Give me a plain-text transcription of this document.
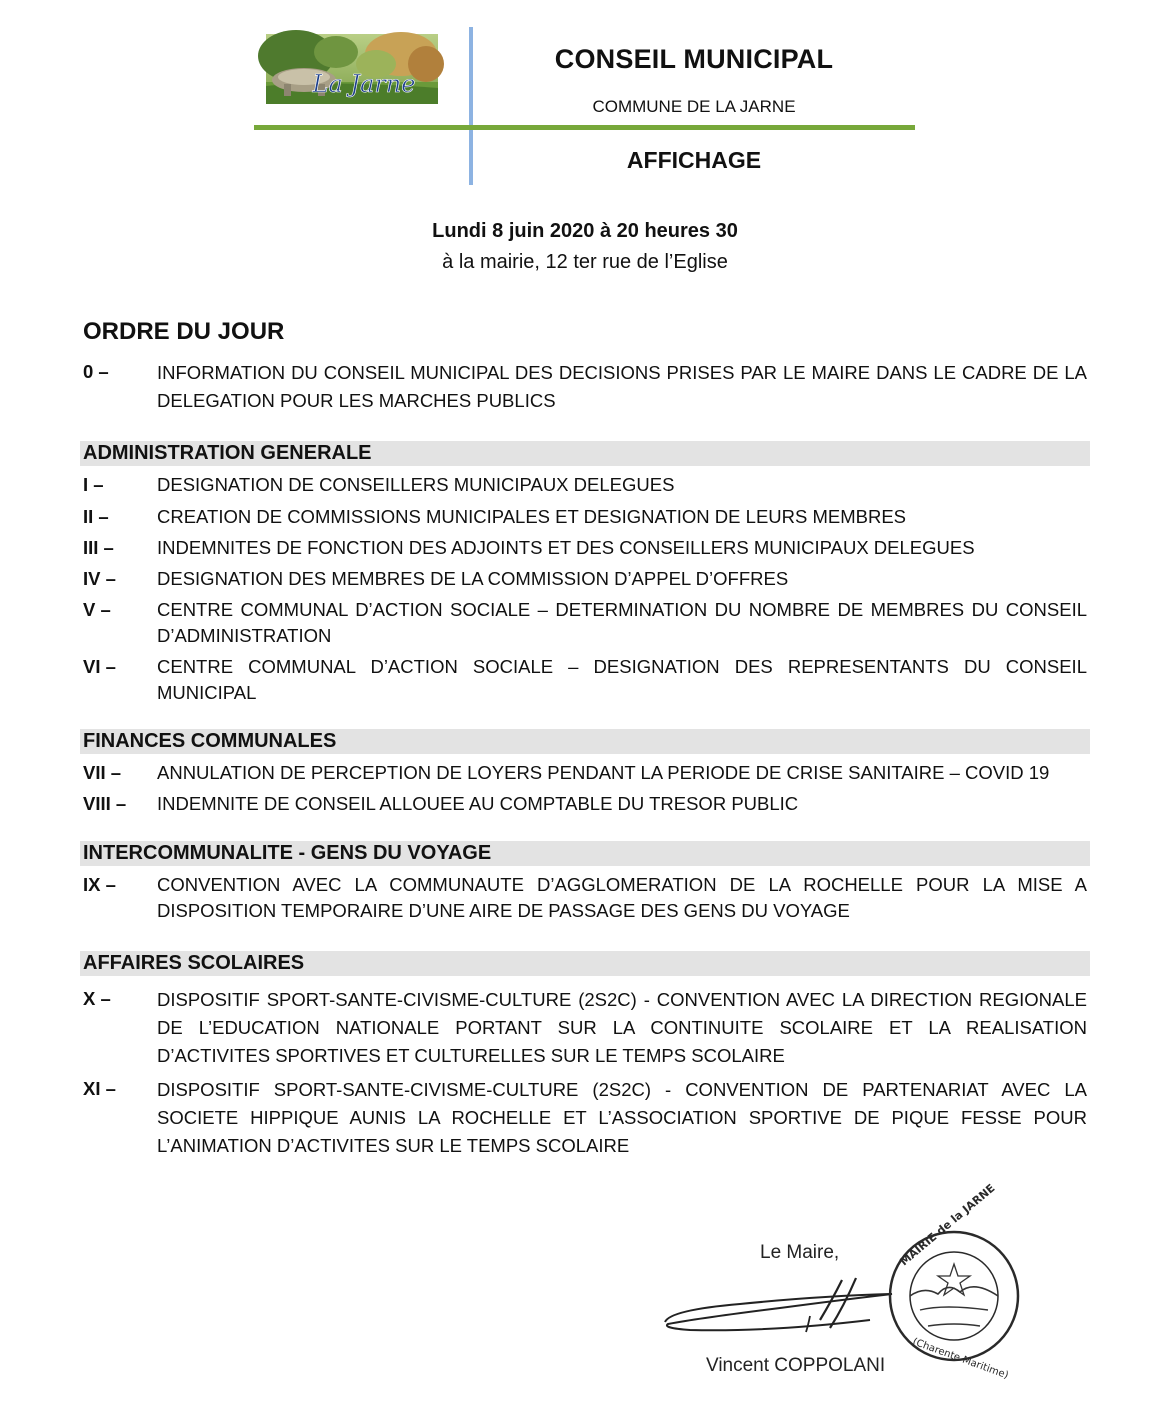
La Jarne
CONSEIL MUNICIPAL
COMMUNE DE LA JARNE
AFFICHAGE
Lundi 8 juin 2020 à 20 heures 30
à la mairie, 12 ter rue de l’Eglise
ORDRE DU JOUR
0 –	INFORMATION DU CONSEIL MUNICIPAL DES DECISIONS PRISES PAR LE MAIRE DANS LE CADRE DE LA DELEGATION POUR LES MARCHES PUBLICS
ADMINISTRATION GENERALE
I –	DESIGNATION DE CONSEILLERS MUNICIPAUX DELEGUES
II –	CREATION DE COMMISSIONS MUNICIPALES ET DESIGNATION DE LEURS MEMBRES
III – INDEMNITES DE FONCTION DES ADJOINTS ET DES CONSEILLERS MUNICIPAUX DELEGUES
IV – DESIGNATION DES MEMBRES DE LA COMMISSION D’APPEL D’OFFRES
V – CENTRE COMMUNAL D’ACTION SOCIALE – DETERMINATION DU NOMBRE DE MEMBRES DU CONSEIL D’ADMINISTRATION
VI – CENTRE COMMUNAL D’ACTION SOCIALE – DESIGNATION DES REPRESENTANTS DU CONSEIL MUNICIPAL
FINANCES COMMUNALES
VII – ANNULATION DE PERCEPTION DE LOYERS PENDANT LA PERIODE DE CRISE SANITAIRE – COVID 19
VIII – INDEMNITE DE CONSEIL ALLOUEE AU COMPTABLE DU TRESOR PUBLIC
INTERCOMMUNALITE - GENS DU VOYAGE
IX – CONVENTION AVEC LA COMMUNAUTE D’AGGLOMERATION DE LA ROCHELLE POUR LA MISE A DISPOSITION TEMPORAIRE D’UNE AIRE DE PASSAGE DES GENS DU VOYAGE
AFFAIRES SCOLAIRES
X – DISPOSITIF SPORT-SANTE-CIVISME-CULTURE (2S2C) - CONVENTION AVEC LA DIRECTION REGIONALE DE L’EDUCATION NATIONALE PORTANT SUR LA CONTINUITE SCOLAIRE ET LA REALISATION D’ACTIVITES SPORTIVES ET CULTURELLES SUR LE TEMPS SCOLAIRE
XI – DISPOSITIF SPORT-SANTE-CIVISME-CULTURE (2S2C) - CONVENTION DE PARTENARIAT AVEC LA SOCIETE HIPPIQUE AUNIS LA ROCHELLE ET L’ASSOCIATION SPORTIVE DE PIQUE FESSE POUR L’ANIMATION D’ACTIVITES SUR LE TEMPS SCOLAIRE
Le Maire,	MAIRIE de la JARNE
(Charente Maritime)
Vincent COPPOLANI
